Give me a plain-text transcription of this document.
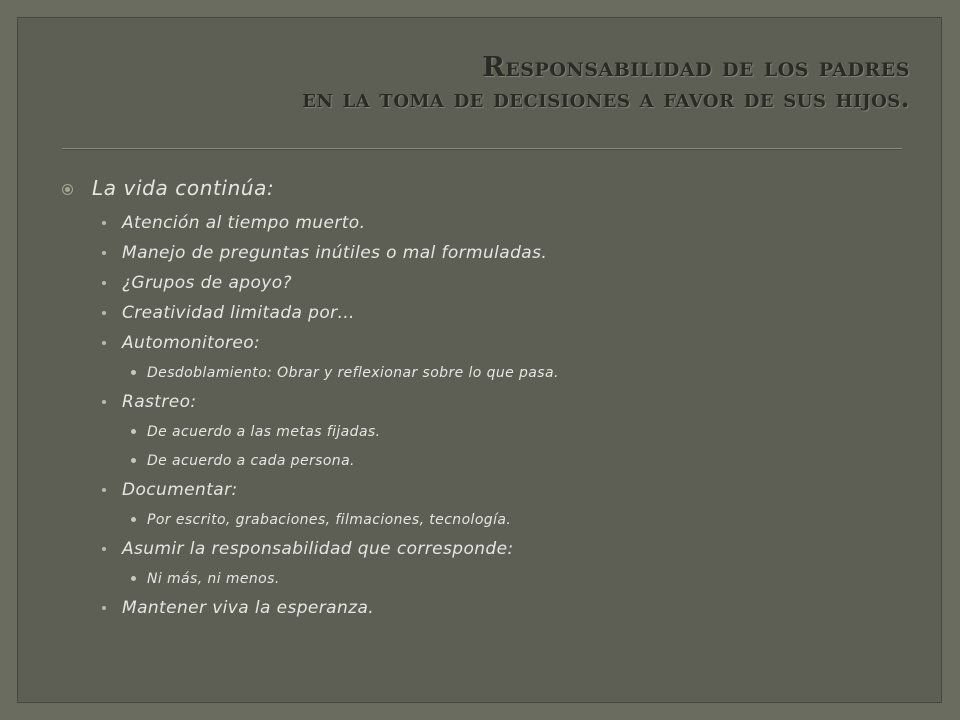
Responsabilidad de los padres
en la toma de decisiones a favor de sus hijos.
La vida continúa:
Atención al tiempo muerto.
Manejo de preguntas inútiles o mal formuladas.
¿Grupos de apoyo?
Creatividad limitada por…
Automonitoreo:
Desdoblamiento: Obrar y reflexionar sobre lo que pasa.
Rastreo:
De acuerdo a las metas fijadas.
De acuerdo a cada persona.
Documentar:
Por escrito, grabaciones, filmaciones, tecnología.
Asumir la responsabilidad que corresponde:
Ni más, ni menos.
Mantener viva la esperanza.
